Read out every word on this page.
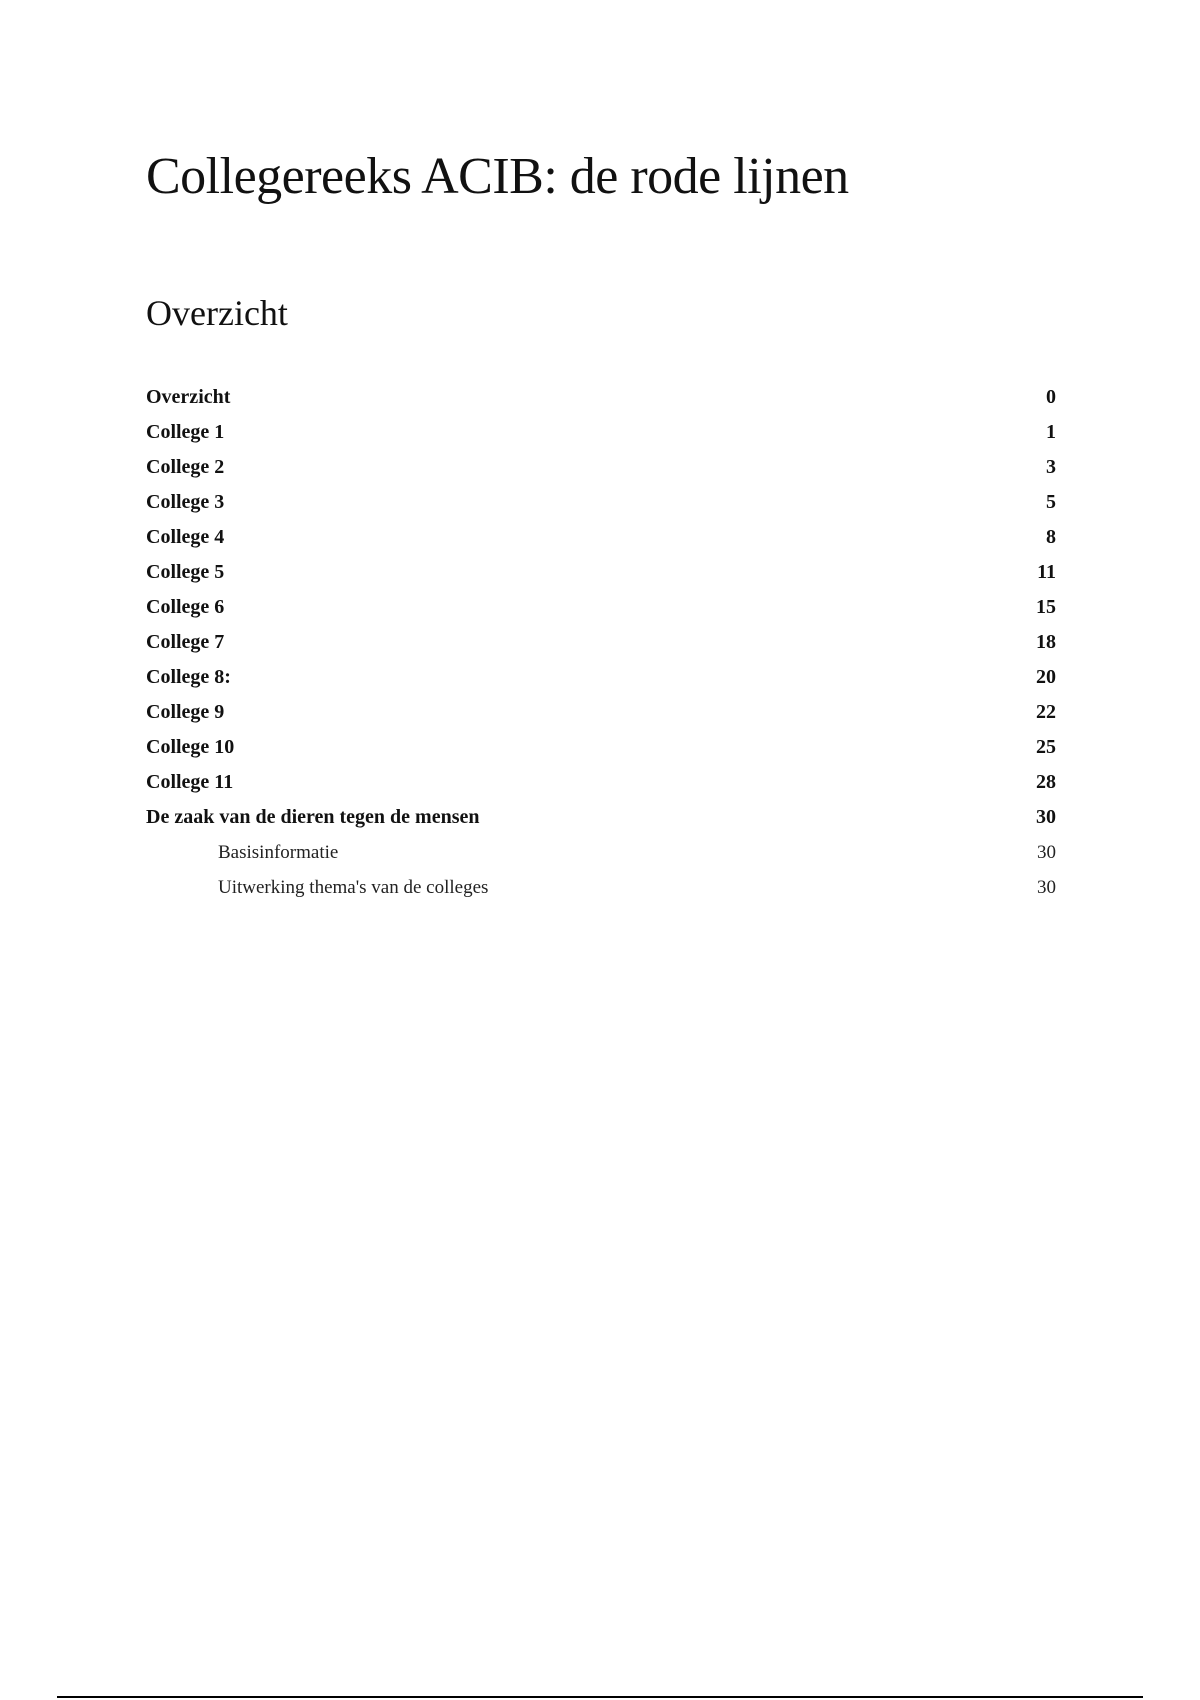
Collegereeks ACIB: de rode lijnen
Overzicht
Overzicht	0
College 1	1
College 2	3
College 3	5
College 4	8
College 5	11
College 6	15
College 7	18
College 8:	20
College 9	22
College 10	25
College 11	28
De zaak van de dieren tegen de mensen	30
Basisinformatie	30
Uitwerking thema's van de colleges	30
